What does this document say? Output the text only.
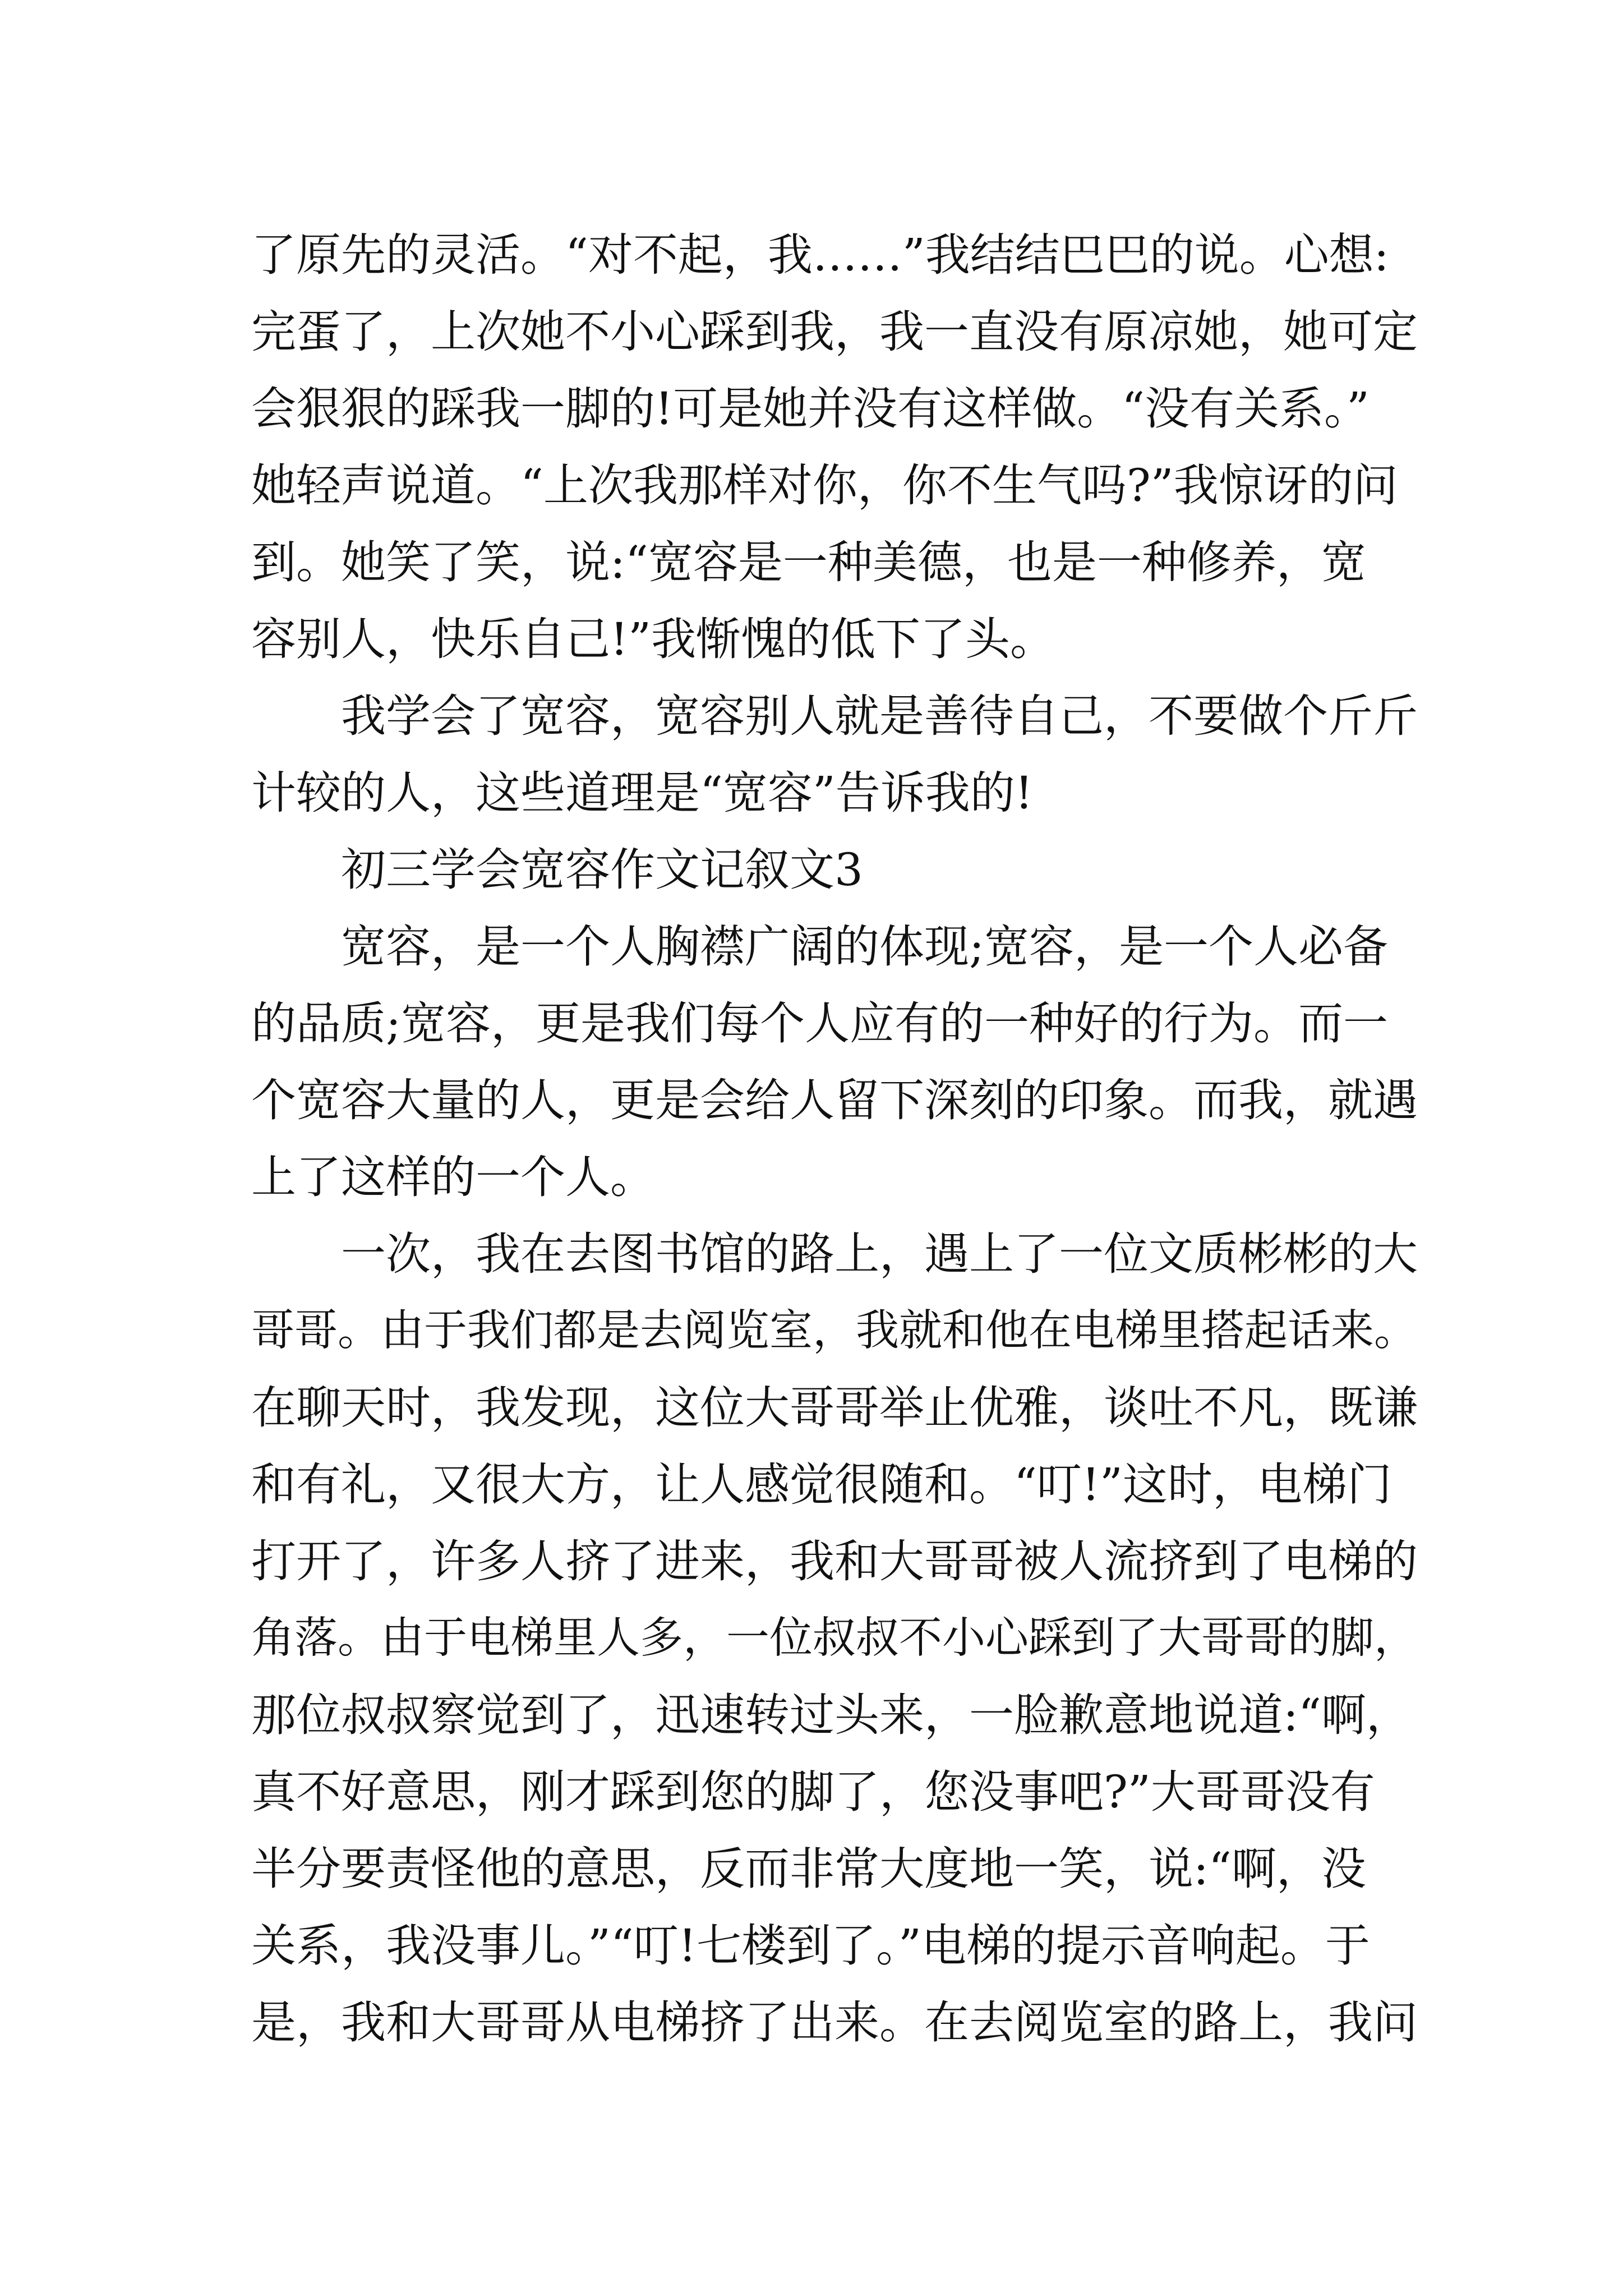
了原先的灵活。“对不起，我……”我结结巴巴的说。心想:
完蛋了，上次她不小心踩到我，我一直没有原凉她，她可定
会狠狠的踩我一脚的!可是她并没有这样做。“没有关系。”
她轻声说道。“上次我那样对你，你不生气吗?”我惊讶的问
到。她笑了笑，说:“宽容是一种美德，也是一种修养，宽
容别人，快乐自己!”我惭愧的低下了头。
我学会了宽容，宽容别人就是善待自己，不要做个斤斤
计较的人，这些道理是“宽容”告诉我的!
初三学会宽容作文记叙文3
宽容，是一个人胸襟广阔的体现;宽容，是一个人必备
的品质;宽容，更是我们每个人应有的一种好的行为。而一
个宽容大量的人，更是会给人留下深刻的印象。而我，就遇
上了这样的一个人。
一次，我在去图书馆的路上，遇上了一位文质彬彬的大
哥哥。由于我们都是去阅览室，我就和他在电梯里搭起话来。
在聊天时，我发现，这位大哥哥举止优雅，谈吐不凡，既谦
和有礼，又很大方，让人感觉很随和。“叮!”这时，电梯门
打开了，许多人挤了进来，我和大哥哥被人流挤到了电梯的
角落。由于电梯里人多，一位叔叔不小心踩到了大哥哥的脚，
那位叔叔察觉到了，迅速转过头来，一脸歉意地说道:“啊，
真不好意思，刚才踩到您的脚了，您没事吧?”大哥哥没有
半分要责怪他的意思，反而非常大度地一笑，说:“啊，没
关系，我没事儿。”“叮!七楼到了。”电梯的提示音响起。于
是，我和大哥哥从电梯挤了出来。在去阅览室的路上，我问
